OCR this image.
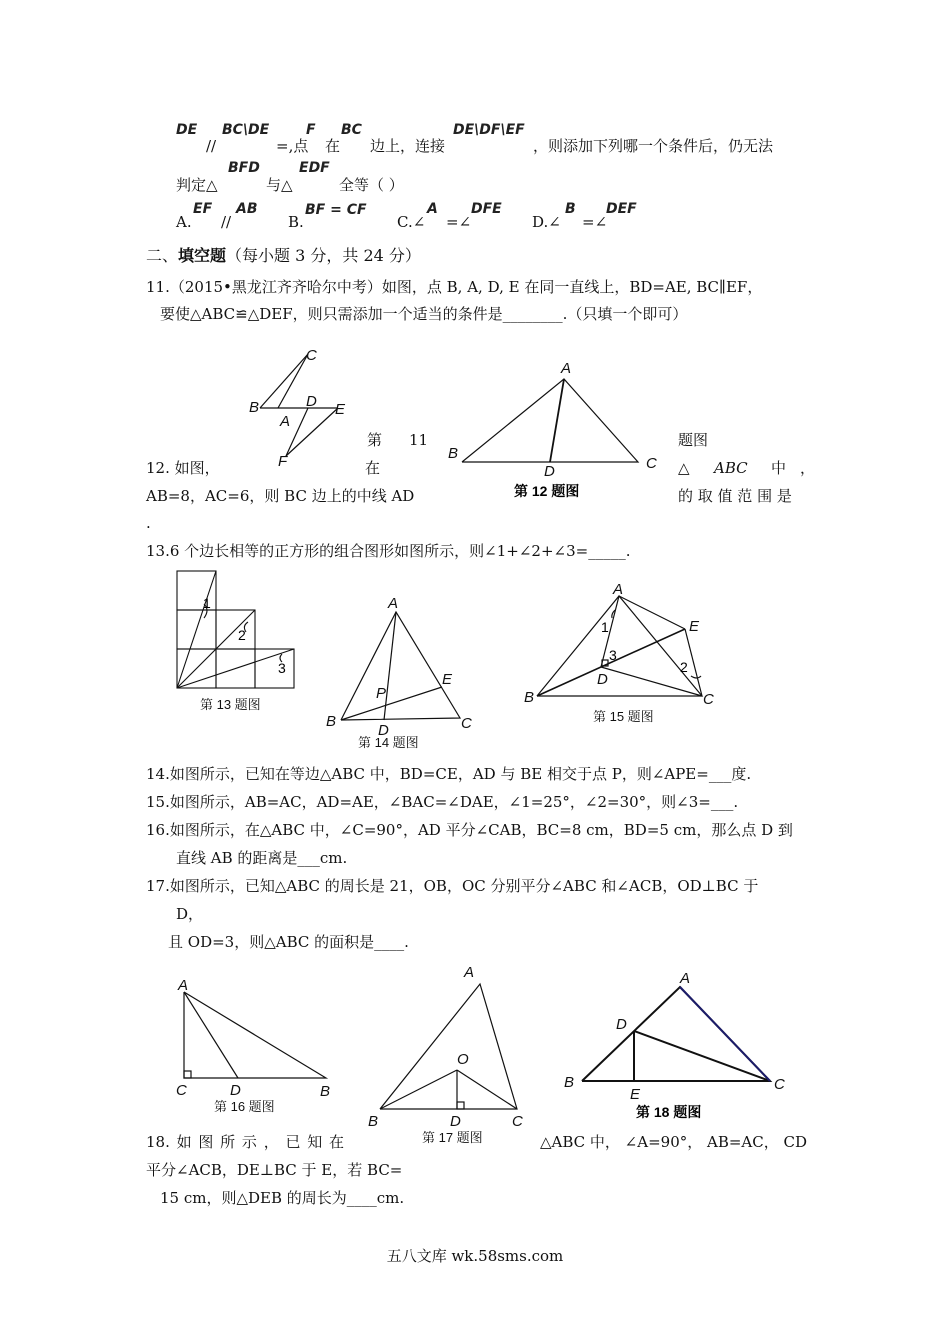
DE BC\DE	F BC	DE\DF\EF
//	=,点 在 边上，连接	，则添加下列哪一个条件后，仍无法
BFD	EDF
判定△	与△	全等（ ）
A.
EF
//
AB
B.
BF = CF
C.∠
A
=∠
DFE
D.∠
B
=∠
DEF
二、填空题（每小题 3 分，共 24 分）
11.（2015•黑龙江齐齐哈尔中考）如图，点 B, A, D, E 在同一直线上，BD=AE, BC∥EF，
要使△ABC≌△DEF，则只需添加一个适当的条件是________.（只填一个即可）
C
B	D E
A
F
A
B
C
D
第 12 题图
第 11	题图
12. 如图，	在	△ ABC 中 ，
AB=8，AC=6，则 BC 边上的中线 AD	的 取 值 范 围 是
.
13.6 个边长相等的正方形的组合图形如图所示，则∠1+∠2+∠3=_____.
1
2
3
第 13 题图
A
B	C
D
E
P
第 14 题图
A
B	C
D
E
1
2
3
第 15 题图
14.如图所示，已知在等边△ABC 中，BD=CE，AD 与 BE 相交于点 P，则∠APE=___度.
15.如图所示，AB=AC，AD=AE，∠BAC=∠DAE，∠1=25°，∠2=30°，则∠3=___.
16.如图所示，在△ABC 中，∠C=90°，AD 平分∠CAB，BC=8 cm，BD=5 cm，那么点 D 到
直线 AB 的距离是___cm.
17.如图所示，已知△ABC 的周长是 21，OB，OC 分别平分∠ABC 和∠ACB，OD⊥BC 于
D，
且 OD=3，则△ABC 的面积是____.
A
C	D	B
第 16 题图
A
O
B	D	C
第 17 题图
A
D
B
E
C
第 18 题图
18. 如 图 所 示 ， 已 知 在	△ABC 中， ∠A=90°， AB=AC， CD
平分∠ACB，DE⊥BC 于 E，若 BC=
15 cm，则△DEB 的周长为____cm.
五八文库 wk.58sms.com
